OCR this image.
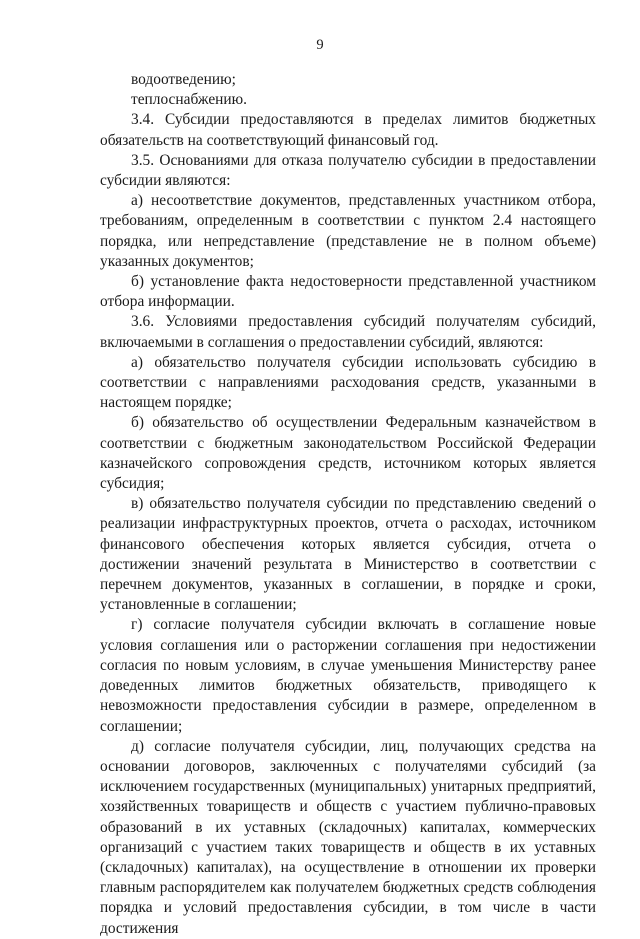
9

водоотведению;

теплоснабжению.

3.4. Субсидии предоставляются в пределах лимитов бюджетных обязательств на соответствующий финансовый год.

3.5. Основаниями для отказа получателю субсидии в предоставлении субсидии являются:

а) несоответствие документов, представленных участником отбора, требованиям, определенным в соответствии с пунктом 2.4 настоящего порядка, или непредставление (представление не в полном объеме) указанных документов;

б) установление факта недостоверности представленной участником отбора информации.

3.6. Условиями предоставления субсидий получателям субсидий, включаемыми в соглашения о предоставлении субсидий, являются:

а) обязательство получателя субсидии использовать субсидию в соответствии с направлениями расходования средств, указанными в настоящем порядке;

б) обязательство об осуществлении Федеральным казначейством в соответствии с бюджетным законодательством Российской Федерации казначейского сопровождения средств, источником которых является субсидия;

в) обязательство получателя субсидии по представлению сведений о реализации инфраструктурных проектов, отчета о расходах, источником финансового обеспечения которых является субсидия, отчета о достижении значений результата в Министерство в соответствии с перечнем документов, указанных в соглашении, в порядке и сроки, установленные в соглашении;

г) согласие получателя субсидии включать в соглашение новые условия соглашения или о расторжении соглашения при недостижении согласия по новым условиям, в случае уменьшения Министерству ранее доведенных лимитов бюджетных обязательств, приводящего к невозможности предоставления субсидии в размере, определенном в соглашении;

д) согласие получателя субсидии, лиц, получающих средства на основании договоров, заключенных с получателями субсидий (за исключением государственных (муниципальных) унитарных предприятий, хозяйственных товариществ и обществ с участием публично-правовых образований в их уставных (складочных) капиталах, коммерческих организаций с участием таких товариществ и обществ в их уставных (складочных) капиталах), на осуществление в отношении их проверки главным распорядителем как получателем бюджетных средств соблюдения порядка и условий предоставления субсидии, в том числе в части достижения
